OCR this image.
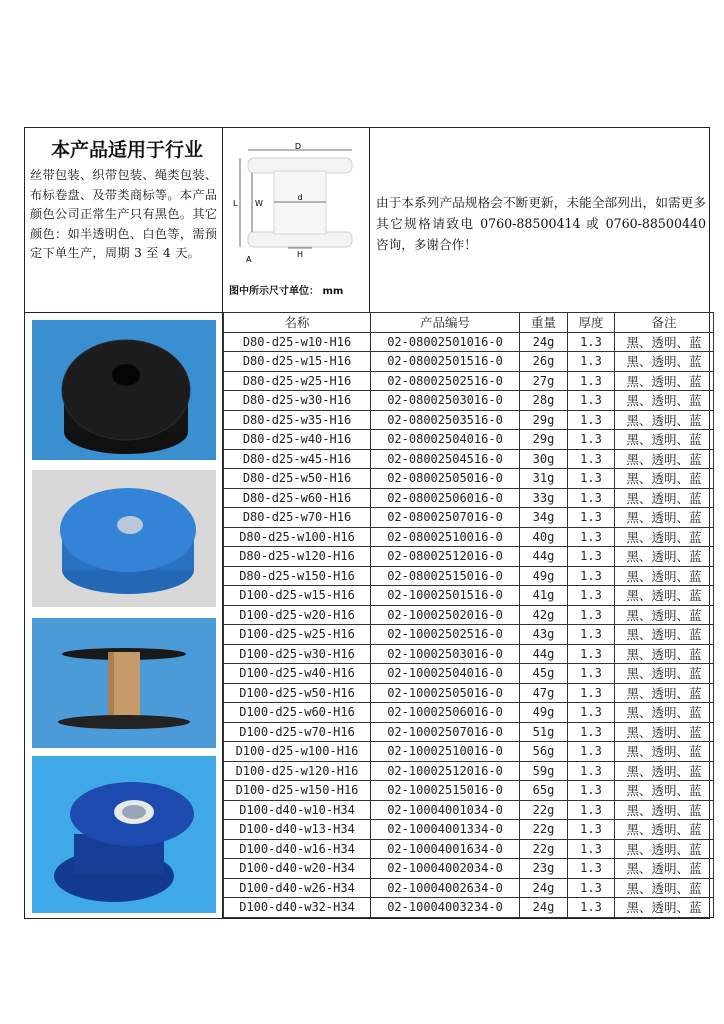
本产品适用于行业
丝带包装、织带包装、绳类包装、布标卷盘、及带类商标等。本产品颜色公司正常生产只有黑色。其它颜色：如半透明色、白色等，需预定下单生产，周期 3 至 4 天。
D
d
L W
H
A
图中所示尺寸单位： mm
由于本系列产品规格会不断更新，未能全部列出，如需更多其它规格请致电 0760-88500414 或 0760-88500440 咨询，多谢合作！
名称	产品编号	重量	厚度	备注
D80-d25-w10-H16	02-08002501016-0	24g	1.3	黑、透明、蓝
D80-d25-w15-H16	02-08002501516-0	26g	1.3	黑、透明、蓝
D80-d25-w25-H16	02-08002502516-0	27g	1.3	黑、透明、蓝
D80-d25-w30-H16	02-08002503016-0	28g	1.3	黑、透明、蓝
D80-d25-w35-H16	02-08002503516-0	29g	1.3	黑、透明、蓝
D80-d25-w40-H16	02-08002504016-0	29g	1.3	黑、透明、蓝
D80-d25-w45-H16	02-08002504516-0	30g	1.3	黑、透明、蓝
D80-d25-w50-H16	02-08002505016-0	31g	1.3	黑、透明、蓝
D80-d25-w60-H16	02-08002506016-0	33g	1.3	黑、透明、蓝
D80-d25-w70-H16	02-08002507016-0	34g	1.3	黑、透明、蓝
D80-d25-w100-H16	02-08002510016-0	40g	1.3	黑、透明、蓝
D80-d25-w120-H16	02-08002512016-0	44g	1.3	黑、透明、蓝
D80-d25-w150-H16	02-08002515016-0	49g	1.3	黑、透明、蓝
D100-d25-w15-H16	02-10002501516-0	41g	1.3	黑、透明、蓝
D100-d25-w20-H16	02-10002502016-0	42g	1.3	黑、透明、蓝
D100-d25-w25-H16	02-10002502516-0	43g	1.3	黑、透明、蓝
D100-d25-w30-H16	02-10002503016-0	44g	1.3	黑、透明、蓝
D100-d25-w40-H16	02-10002504016-0	45g	1.3	黑、透明、蓝
D100-d25-w50-H16	02-10002505016-0	47g	1.3	黑、透明、蓝
D100-d25-w60-H16	02-10002506016-0	49g	1.3	黑、透明、蓝
D100-d25-w70-H16	02-10002507016-0	51g	1.3	黑、透明、蓝
D100-d25-w100-H16	02-10002510016-0	56g	1.3	黑、透明、蓝
D100-d25-w120-H16	02-10002512016-0	59g	1.3	黑、透明、蓝
D100-d25-w150-H16	02-10002515016-0	65g	1.3	黑、透明、蓝
D100-d40-w10-H34	02-10004001034-0	22g	1.3	黑、透明、蓝
D100-d40-w13-H34	02-10004001334-0	22g	1.3	黑、透明、蓝
D100-d40-w16-H34	02-10004001634-0	22g	1.3	黑、透明、蓝
D100-d40-w20-H34	02-10004002034-0	23g	1.3	黑、透明、蓝
D100-d40-w26-H34	02-10004002634-0	24g	1.3	黑、透明、蓝
D100-d40-w32-H34	02-10004003234-0	24g	1.3	黑、透明、蓝
